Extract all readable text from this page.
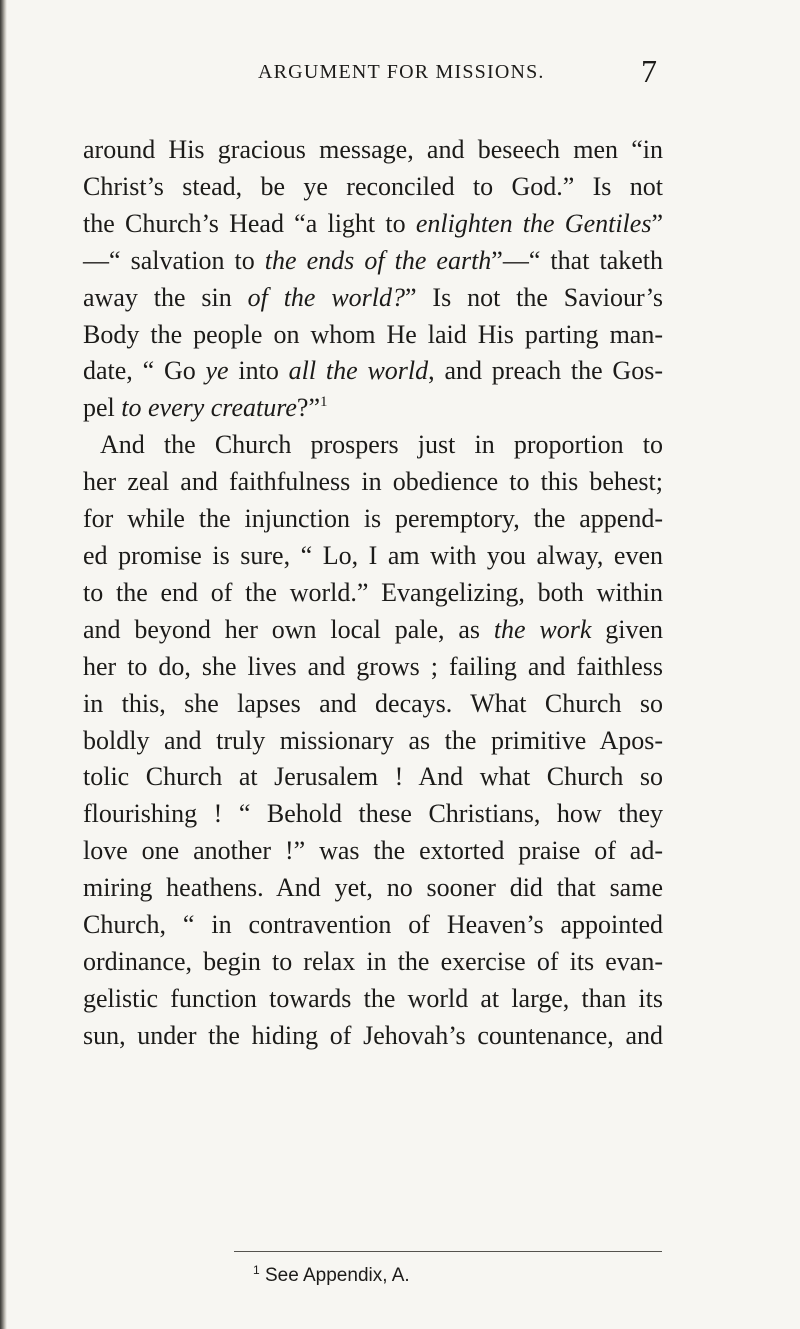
ARGUMENT FOR MISSIONS.	7
around His gracious message, and beseech men “in
Christ’s stead, be ye reconciled to God.” Is not
the Church’s Head “a light to enlighten the Gentiles”
—“ salvation to the ends of the earth”—“ that taketh
away the sin of the world?” Is not the Saviour’s
Body the people on whom He laid His parting man-
date, “ Go ye into all the world, and preach the Gos-
pel to every creature?”$^1$
And the Church prospers just in proportion to
her zeal and faithfulness in obedience to this behest;
for while the injunction is peremptory, the append-
ed promise is sure, “ Lo, I am with you alway, even
to the end of the world.” Evangelizing, both within
and beyond her own local pale, as the work given
her to do, she lives and grows ; failing and faithless
in this, she lapses and decays. What Church so
boldly and truly missionary as the primitive Apos-
tolic Church at Jerusalem ! And what Church so
flourishing ! “ Behold these Christians, how they
love one another !” was the extorted praise of ad-
miring heathens. And yet, no sooner did that same
Church, “ in contravention of Heaven’s appointed
ordinance, begin to relax in the exercise of its evan-
gelistic function towards the world at large, than its
sun, under the hiding of Jehovah’s countenance, and
$^1$ See Appendix, A.
